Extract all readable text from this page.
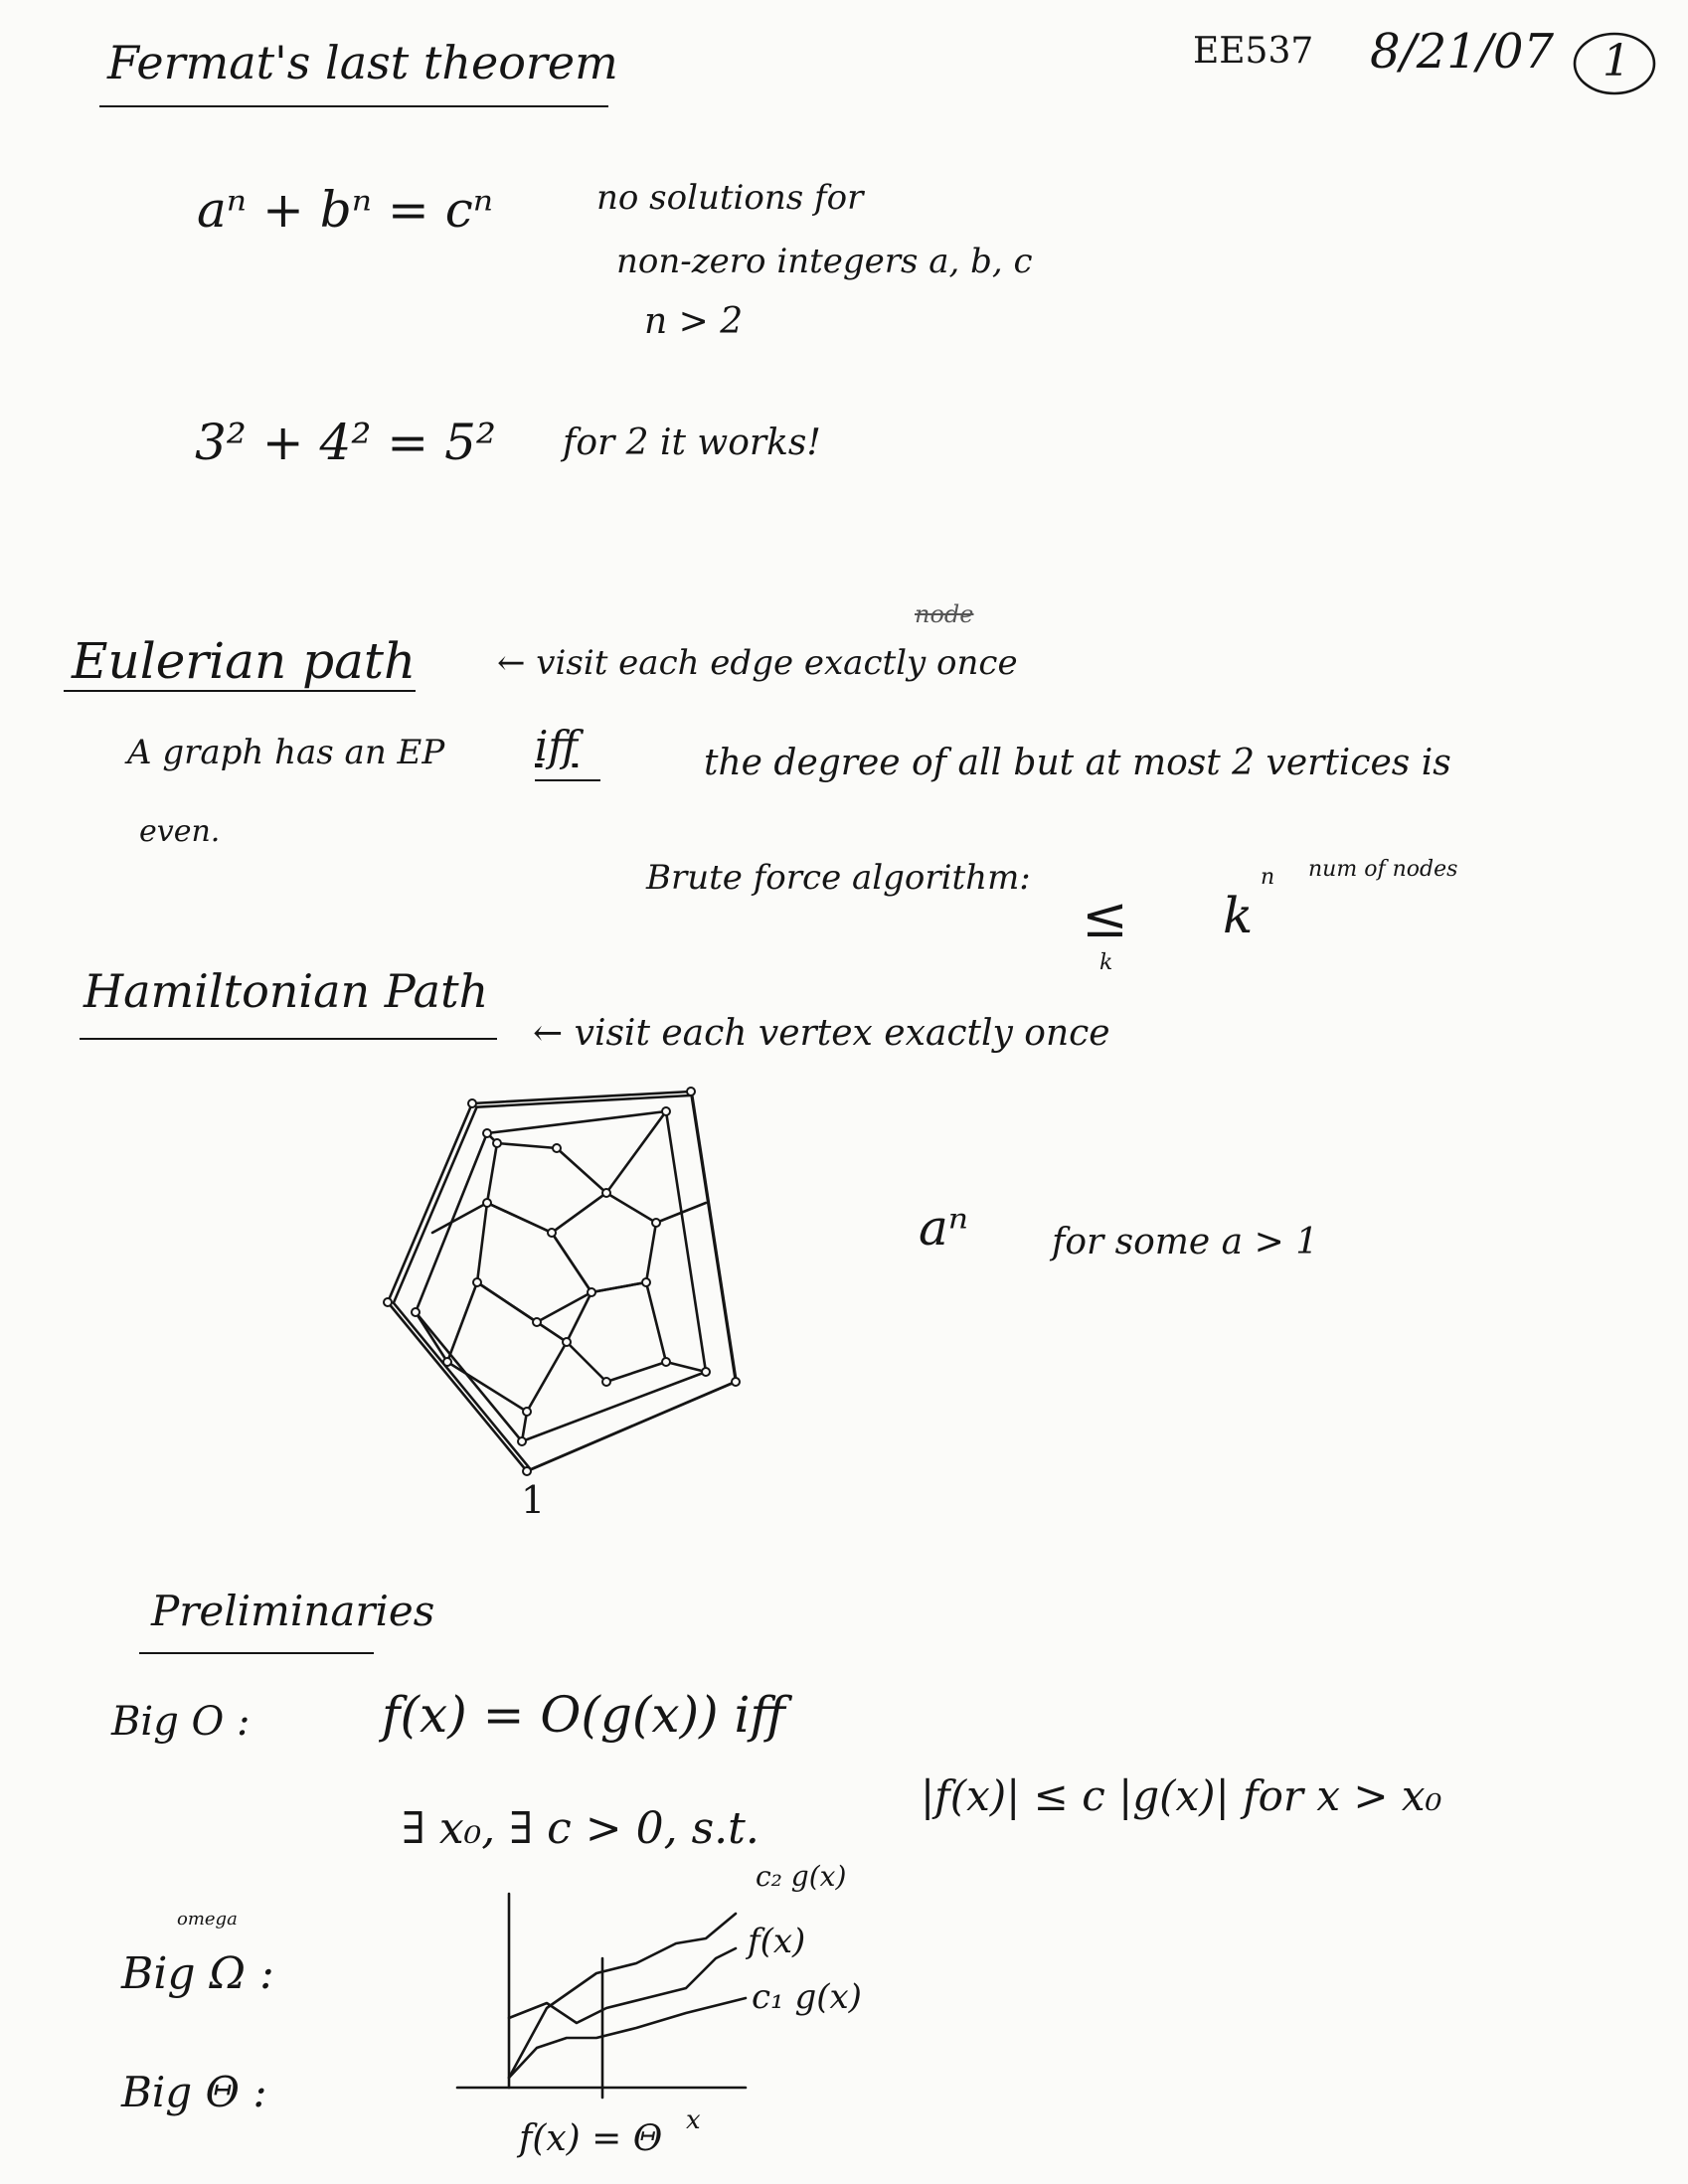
EE537 8/21/07 1
Fermat's last theorem
aⁿ + bⁿ = cⁿ	no solutions for
non-zero integers a, b, c
n > 2
3² + 4² = 5² for 2 it works!
Eulerian path ← visit each edge exactly once
node
A graph has an EP iff	the degree of all but at most 2 vertices is
even.
Brute force algorithm:
≤
k
k
n num of nodes
Hamiltonian Path
← visit each vertex exactly once
1
aⁿ for some a > 1
Preliminaries
Big O :	f(x) = O(g(x)) iff
∃ x₀, ∃ c > 0, s.t.
|f(x)| ≤ c |g(x)| for x > x₀
omega
Big Ω :
Big Θ :
c₂ g(x)
f(x)
c₁ g(x)
x
f(x) = Θ
